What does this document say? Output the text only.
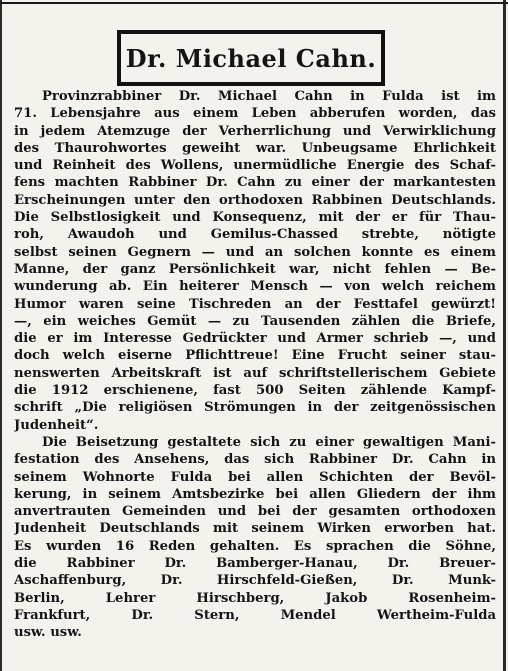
Dr. Michael Cahn.
Provinzrabbiner Dr. Michael Cahn in Fulda ist im
71. Lebensjahre aus einem Leben abberufen worden, das
in jedem Atemzuge der Verherrlichung und Verwirklichung
des Thaurohwortes geweiht war. Unbeugsame Ehrlichkeit
und Reinheit des Wollens, unermüdliche Energie des Schaf-
fens machten Rabbiner Dr. Cahn zu einer der markantesten
Erscheinungen unter den orthodoxen Rabbinen Deutschlands.
Die Selbstlosigkeit und Konsequenz, mit der er für Thau-
roh, Awaudoh und Gemilus-Chassed strebte, nötigte
selbst seinen Gegnern — und an solchen konnte es einem
Manne, der ganz Persönlichkeit war, nicht fehlen — Be-
wunderung ab. Ein heiterer Mensch — von welch reichem
Humor waren seine Tischreden an der Festtafel gewürzt!
—, ein weiches Gemüt — zu Tausenden zählen die Briefe,
die er im Interesse Gedrückter und Armer schrieb —, und
doch welch eiserne Pflichttreue! Eine Frucht seiner stau-
nenswerten Arbeitskraft ist auf schriftstellerischem Gebiete
die 1912 erschienene, fast 500 Seiten zählende Kampf-
schrift „Die religiösen Strömungen in der zeitgenössischen
Judenheit“.
Die Beisetzung gestaltete sich zu einer gewaltigen Mani-
festation des Ansehens, das sich Rabbiner Dr. Cahn in
seinem Wohnorte Fulda bei allen Schichten der Bevöl-
kerung, in seinem Amtsbezirke bei allen Gliedern der ihm
anvertrauten Gemeinden und bei der gesamten orthodoxen
Judenheit Deutschlands mit seinem Wirken erworben hat.
Es wurden 16 Reden gehalten. Es sprachen die Söhne,
die Rabbiner Dr. Bamberger-Hanau, Dr. Breuer-
Aschaffenburg, Dr. Hirschfeld-Gießen, Dr. Munk-
Berlin, Lehrer Hirschberg, Jakob Rosenheim-
Frankfurt, Dr. Stern, Mendel Wertheim-Fulda
usw. usw.
